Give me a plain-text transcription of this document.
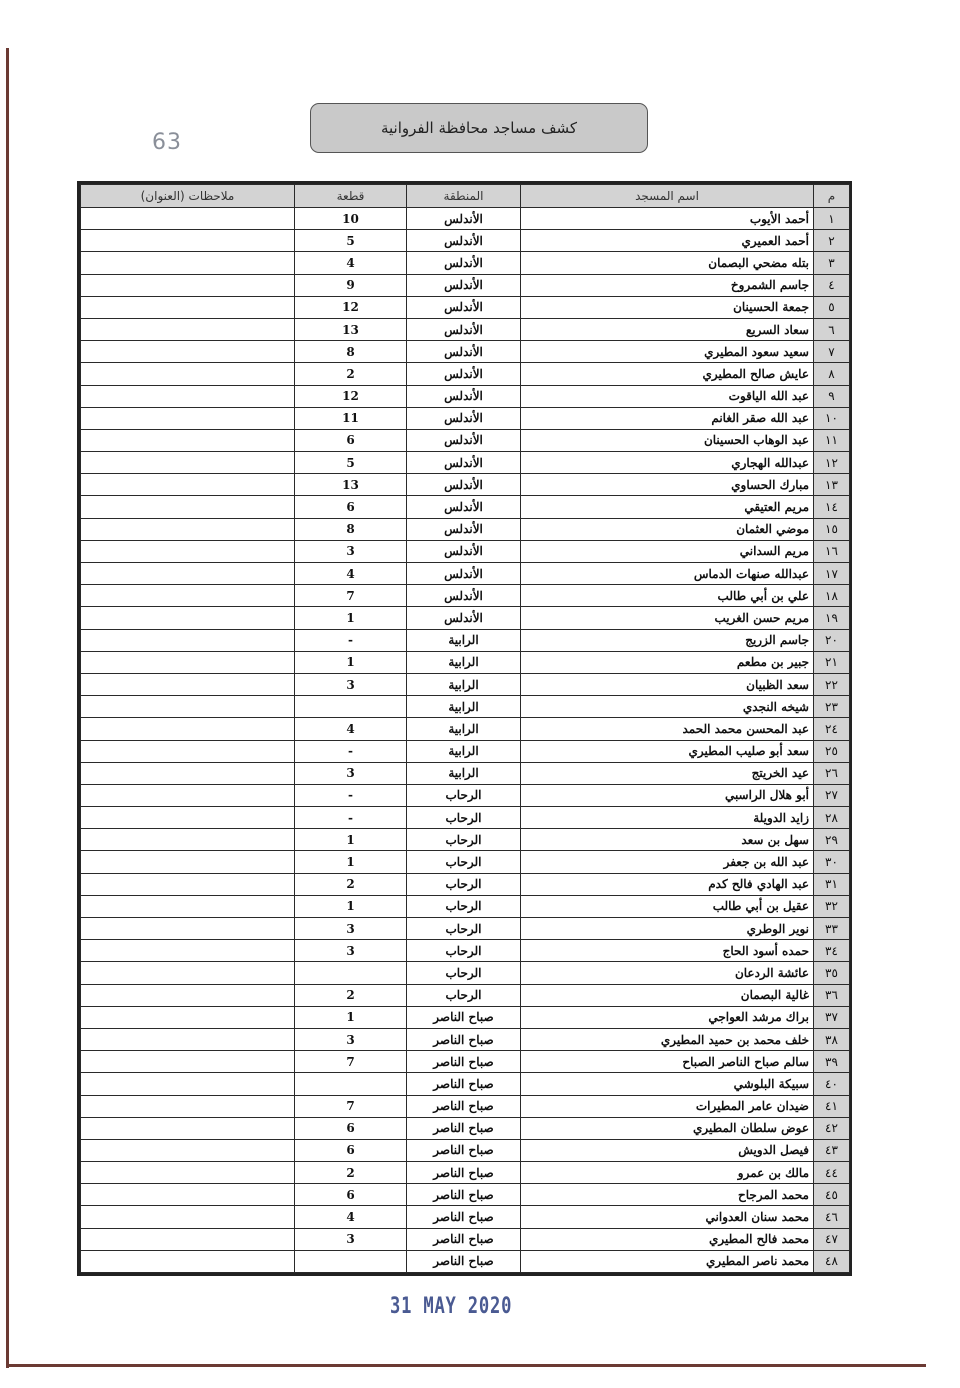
63
كشف مساجد محافظة الفروانية
م	اسم المسجد	المنطقة	قطعة	ملاحظات (العنوان)
١	أحمد الأيوب	الأندلس	10	
٢	أحمد العميري	الأندلس	5	
٣	بتله مضحي البصمان	الأندلس	4	
٤	جاسم الشمروخ	الأندلس	9	
٥	جمعة الحسينان	الأندلس	12	
٦	سعاد السريع	الأندلس	13	
٧	سعيد سعود المطيري	الأندلس	8	
٨	عايش صالح المطيري	الأندلس	2	
٩	عبد الله الياقوت	الأندلس	12	
١٠	عبد الله صقر الغانم	الأندلس	11	
١١	عبد الوهاب الحسينان	الأندلس	6	
١٢	عبدالله الهجاري	الأندلس	5	
١٣	مبارك الحساوي	الأندلس	13	
١٤	مريم العتيقي	الأندلس	6	
١٥	موضي العثمان	الأندلس	8	
١٦	مريم السداني	الأندلس	3	
١٧	عبدالله صنهات الدماس	الأندلس	4	
١٨	علي بن أبي طالب	الأندلس	7	
١٩	مريم حسن الغريب	الأندلس	1	
٢٠	جاسم الزريج	الرابية	-	
٢١	جبير بن مطعم	الرابية	1	
٢٢	سعد الظبيان	الرابية	3	
٢٣	شيخه النجدي	الرابية		
٢٤	عبد المحسن محمد الحمد	الرابية	4	
٢٥	سعد أبو صليب المطيري	الرابية	-	
٢٦	عيد الخريتج	الرابية	3	
٢٧	أبو هلال الراسبي	الرحاب	-	
٢٨	زايد الدويلة	الرحاب	-	
٢٩	سهل بن سعد	الرحاب	1	
٣٠	عبد الله بن جعفر	الرحاب	1	
٣١	عبد الهادي فالح كدم	الرحاب	2	
٣٢	عقيل بن أبي طالب	الرحاب	1	
٣٣	نوير الوطري	الرحاب	3	
٣٤	حمده أسود الحاج	الرحاب	3	
٣٥	عائشة الردعان	الرحاب		
٣٦	غالية البصمان	الرحاب	2	
٣٧	براك مرشد العواجي	صباح الناصر	1	
٣٨	خلف محمد بن حميد المطيري	صباح الناصر	3	
٣٩	سالم صباح الناصر الصباح	صباح الناصر	7	
٤٠	سبيكة البلوشي	صباح الناصر		
٤١	ضيدان عامر المطيرات	صباح الناصر	7	
٤٢	عوض سلطان المطيري	صباح الناصر	6	
٤٣	فيصل الدويش	صباح الناصر	6	
٤٤	مالك بن عمرو	صباح الناصر	2	
٤٥	محمد المرجاح	صباح الناصر	6	
٤٦	محمد سنان العدواني	صباح الناصر	4	
٤٧	محمد فالح المطيري	صباح الناصر	3	
٤٨	محمد ناصر المطيري	صباح الناصر		
31 MAY 2020
